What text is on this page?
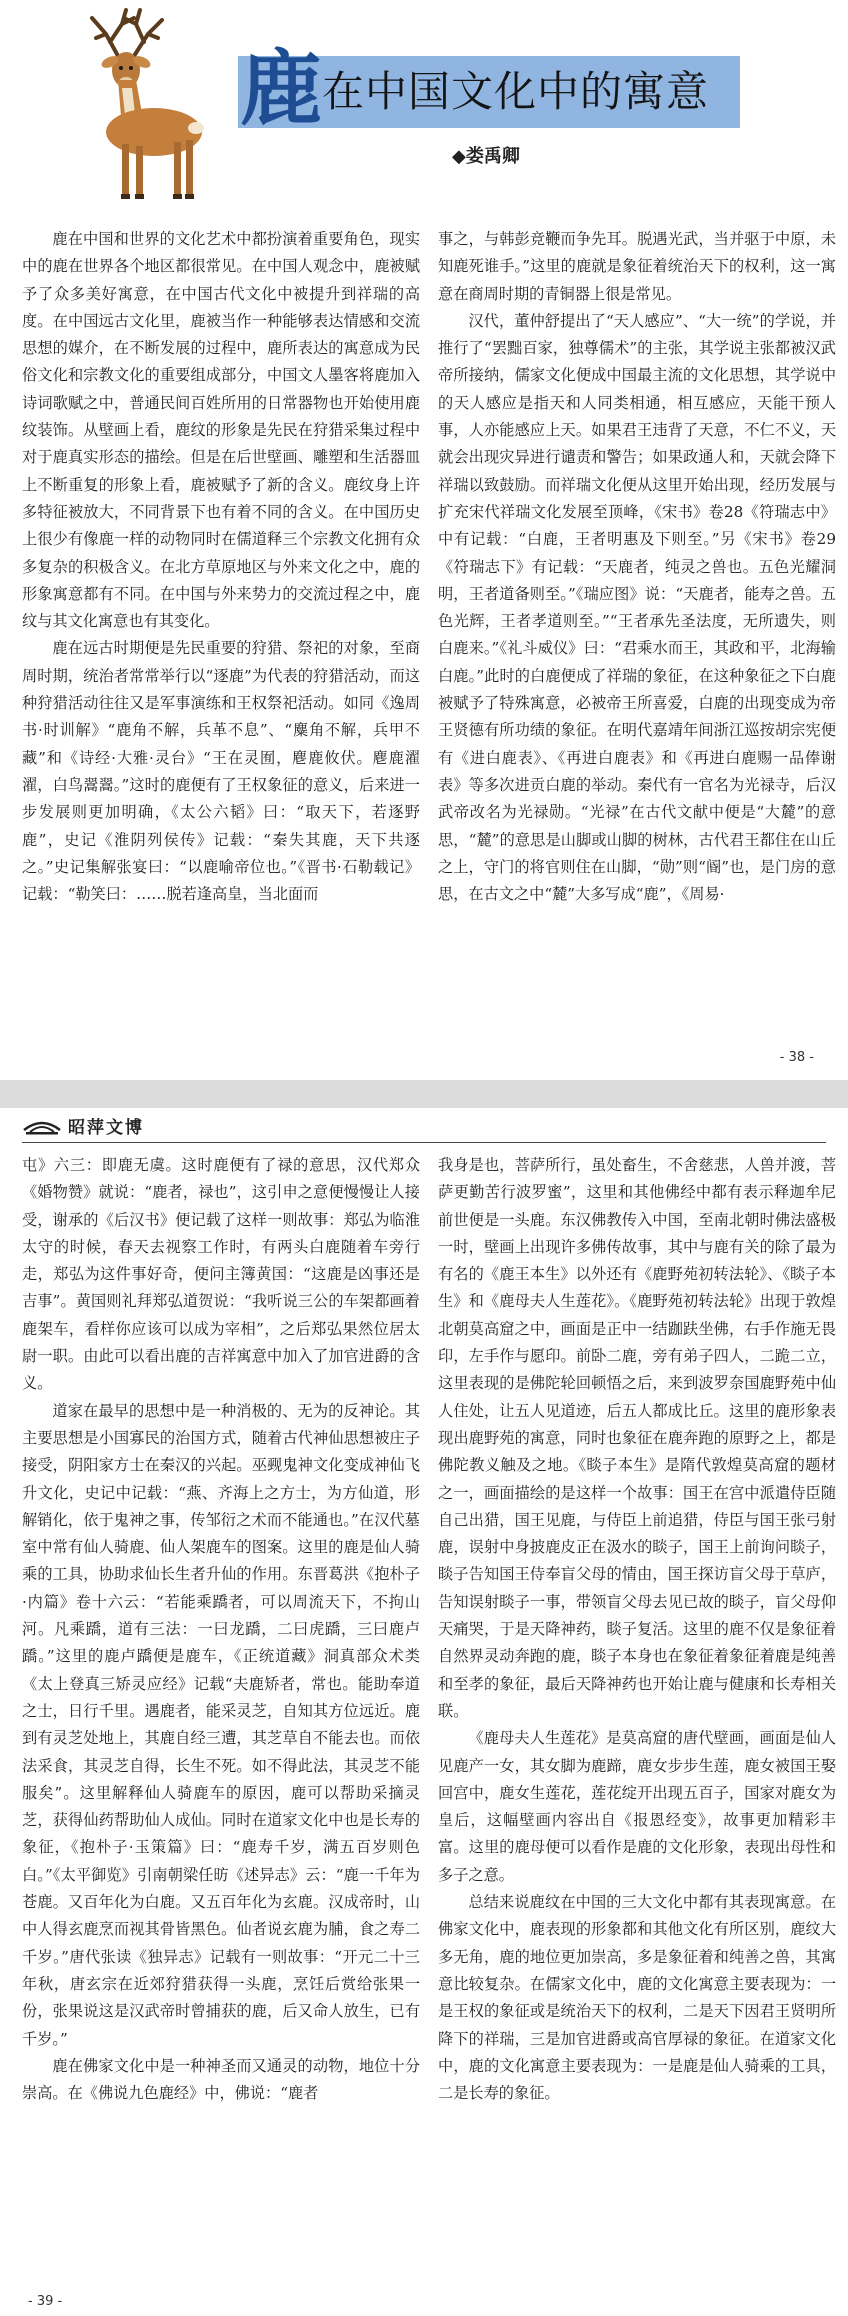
鹿 在中国文化中的寓意
◆娄禹卿

鹿在中国和世界的文化艺术中都扮演着重要角色，现实中的鹿在世界各个地区都很常见。在中国人观念中，鹿被赋予了众多美好寓意，在中国古代文化中被提升到祥瑞的高度。在中国远古文化里，鹿被当作一种能够表达情感和交流思想的媒介，在不断发展的过程中，鹿所表达的寓意成为民俗文化和宗教文化的重要组成部分，中国文人墨客将鹿加入诗词歌赋之中，普通民间百姓所用的日常器物也开始使用鹿纹装饰。从壁画上看，鹿纹的形象是先民在狩猎采集过程中对于鹿真实形态的描绘。但是在后世壁画、雕塑和生活器皿上不断重复的形象上看，鹿被赋予了新的含义。鹿纹身上许多特征被放大，不同背景下也有着不同的含义。在中国历史上很少有像鹿一样的动物同时在儒道释三个宗教文化拥有众多复杂的积极含义。在北方草原地区与外来文化之中，鹿的形象寓意都有不同。在中国与外来势力的交流过程之中，鹿纹与其文化寓意也有其变化。

鹿在远古时期便是先民重要的狩猎、祭祀的对象，至商周时期，统治者常常举行以“逐鹿”为代表的狩猎活动，而这种狩猎活动往往又是军事演练和王权祭祀活动。如同《逸周书·时训解》“鹿角不解，兵革不息”、“麋角不解，兵甲不藏”和《诗经·大雅·灵台》“王在灵囿，麀鹿攸伏。麀鹿濯濯，白鸟翯翯。”这时的鹿便有了王权象征的意义，后来进一步发展则更加明确，《太公六韬》曰：“取天下，若逐野鹿”，史记《淮阴列侯传》记载：“秦失其鹿，天下共逐之。”史记集解张宴曰：“以鹿喻帝位也。”《晋书·石勒载记》记载：“勒笑曰：……脱若逢高皇，当北面而

事之，与韩彭竞鞭而争先耳。脱遇光武，当并驱于中原，未知鹿死谁手。”这里的鹿就是象征着统治天下的权利，这一寓意在商周时期的青铜器上很是常见。

汉代，董仲舒提出了“天人感应”、“大一统”的学说，并推行了“罢黜百家，独尊儒术”的主张，其学说主张都被汉武帝所接纳，儒家文化便成中国最主流的文化思想，其学说中的天人感应是指天和人同类相通，相互感应，天能干预人事，人亦能感应上天。如果君王违背了天意，不仁不义，天就会出现灾异进行谴责和警告；如果政通人和，天就会降下祥瑞以致鼓励。而祥瑞文化便从这里开始出现，经历发展与扩充宋代祥瑞文化发展至顶峰，《宋书》卷28《符瑞志中》中有记载：“白鹿，王者明惠及下则至。”另《宋书》卷29《符瑞志下》有记载：“天鹿者，纯灵之兽也。五色光耀洞明，王者道备则至。”《瑞应图》说：“天鹿者，能寿之兽。五色光辉，王者孝道则至。”“王者承先圣法度，无所遗失，则白鹿来。”《礼斗威仪》曰：“君乘水而王，其政和平，北海输白鹿。”此时的白鹿便成了祥瑞的象征，在这种象征之下白鹿被赋予了特殊寓意，必被帝王所喜爱，白鹿的出现变成为帝王贤德有所功绩的象征。在明代嘉靖年间浙江巡按胡宗宪便有《进白鹿表》、《再进白鹿表》和《再进白鹿赐一品俸谢表》等多次进贡白鹿的举动。秦代有一官名为光禄寺，后汉武帝改名为光禄勋。“光禄”在古代文献中便是“大麓”的意思，“麓”的意思是山脚或山脚的树林，古代君王都住在山丘之上，守门的将官则住在山脚，“勋”则“阍”也，是门房的意思，在古文之中“麓”大多写成“鹿”，《周易·

- 38 -
昭萍文博

屯》六三：即鹿无虞。这时鹿便有了禄的意思，汉代郑众《婚物赞》就说：“鹿者，禄也”，这引申之意便慢慢让人接受，谢承的《后汉书》便记载了这样一则故事：郑弘为临淮太守的时候，春天去视察工作时，有两头白鹿随着车旁行走，郑弘为这件事好奇，便问主簿黄国：“这鹿是凶事还是吉事”。黄国则礼拜郑弘道贺说：“我听说三公的车架都画着鹿架车，看样你应该可以成为宰相”，之后郑弘果然位居太尉一职。由此可以看出鹿的吉祥寓意中加入了加官进爵的含义。

道家在最早的思想中是一种消极的、无为的反神论。其主要思想是小国寡民的治国方式，随着古代神仙思想被庄子接受，阴阳家方士在秦汉的兴起。巫觋鬼神文化变成神仙飞升文化，史记中记载：“燕、齐海上之方士，为方仙道，形解销化，依于鬼神之事，传邹衍之术而不能通也。”在汉代墓室中常有仙人骑鹿、仙人架鹿车的图案。这里的鹿是仙人骑乘的工具，协助求仙长生者升仙的作用。东晋葛洪《抱朴子·内篇》卷十六云：“若能乘蹻者，可以周流天下，不拘山河。凡乘蹻，道有三法：一曰龙蹻，二曰虎蹻，三曰鹿卢蹻。”这里的鹿卢蹻便是鹿车，《正统道藏》洞真部众术类《太上登真三矫灵应经》记载“夫鹿矫者，常也。能助奉道之士，日行千里。遇鹿者，能采灵芝，自知其方位远近。鹿到有灵芝处地上，其鹿自经三遭，其芝草自不能去也。而依法采食，其灵芝自得，长生不死。如不得此法，其灵芝不能服矣”。这里解释仙人骑鹿车的原因，鹿可以帮助采摘灵芝，获得仙药帮助仙人成仙。同时在道家文化中也是长寿的象征，《抱朴子·玉策篇》曰：“鹿寿千岁，满五百岁则色白。”《太平御览》引南朝梁任昉《述异志》云：“鹿一千年为苍鹿。又百年化为白鹿。又五百年化为玄鹿。汉成帝时，山中人得玄鹿烹而视其骨皆黑色。仙者说玄鹿为脯，食之寿二千岁。”唐代张读《独异志》记载有一则故事：“开元二十三年秋，唐玄宗在近郊狩猎获得一头鹿，烹饪后赏给张果一份，张果说这是汉武帝时曾捕获的鹿，后又命人放生，已有千岁。”

鹿在佛家文化中是一种神圣而又通灵的动物，地位十分崇高。在《佛说九色鹿经》中，佛说：“鹿者

我身是也，菩萨所行，虽处畜生，不舍慈悲，人兽并渡，菩萨更勤苦行波罗蜜”，这里和其他佛经中都有表示释迦牟尼前世便是一头鹿。东汉佛教传入中国，至南北朝时佛法盛极一时，壁画上出现许多佛传故事，其中与鹿有关的除了最为有名的《鹿王本生》以外还有《鹿野苑初转法轮》、《睒子本生》和《鹿母夫人生莲花》。《鹿野苑初转法轮》出现于敦煌北朝莫高窟之中，画面是正中一结跏趺坐佛，右手作施无畏印，左手作与愿印。前卧二鹿，旁有弟子四人，二跪二立，这里表现的是佛陀轮回顿悟之后，来到波罗奈国鹿野苑中仙人住处，让五人见道迹，后五人都成比丘。这里的鹿形象表现出鹿野苑的寓意，同时也象征在鹿奔跑的原野之上，都是佛陀教义触及之地。《睒子本生》是隋代敦煌莫高窟的题材之一，画面描绘的是这样一个故事：国王在宫中派遣侍臣随自己出猎，国王见鹿，与侍臣上前追猎，侍臣与国王张弓射鹿，误射中身披鹿皮正在汲水的睒子，国王上前询问睒子，睒子告知国王侍奉盲父母的情由，国王探访盲父母于草庐，告知误射睒子一事，带领盲父母去见已故的睒子，盲父母仰天痛哭，于是天降神药，睒子复活。这里的鹿不仅是象征着自然界灵动奔跑的鹿，睒子本身也在象征着象征着鹿是纯善和至孝的象征，最后天降神药也开始让鹿与健康和长寿相关联。

《鹿母夫人生莲花》是莫高窟的唐代壁画，画面是仙人见鹿产一女，其女脚为鹿蹄，鹿女步步生莲，鹿女被国王娶回宫中，鹿女生莲花，莲花绽开出现五百子，国家对鹿女为皇后，这幅壁画内容出自《报恩经变》，故事更加精彩丰富。这里的鹿母便可以看作是鹿的文化形象，表现出母性和多子之意。

总结来说鹿纹在中国的三大文化中都有其表现寓意。在佛家文化中，鹿表现的形象都和其他文化有所区别，鹿纹大多无角，鹿的地位更加崇高，多是象征着和纯善之兽，其寓意比较复杂。在儒家文化中，鹿的文化寓意主要表现为：一是王权的象征或是统治天下的权利，二是天下因君王贤明所降下的祥瑞，三是加官进爵或高官厚禄的象征。在道家文化中，鹿的文化寓意主要表现为：一是鹿是仙人骑乘的工具，二是长寿的象征。

- 39 -
